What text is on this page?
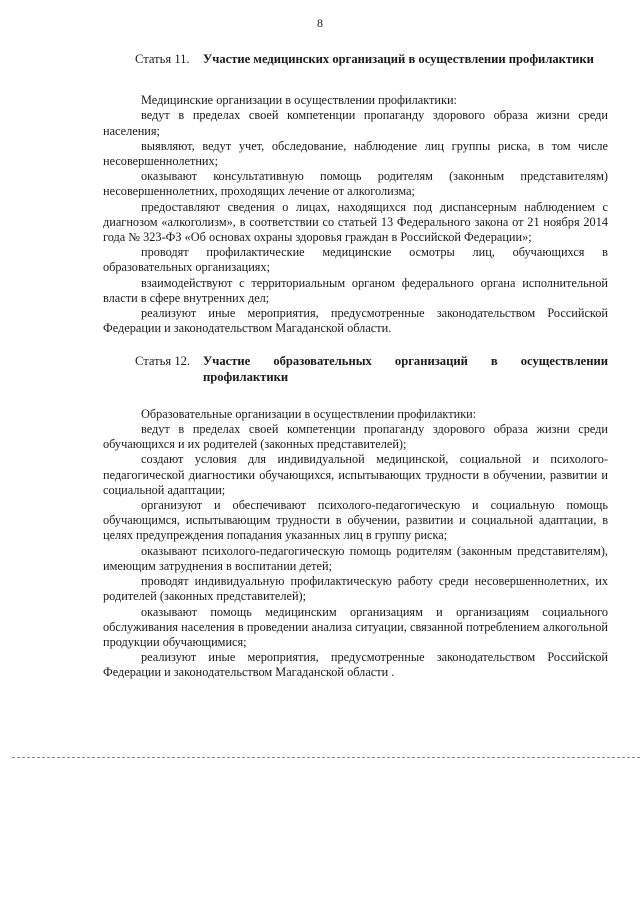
8
Статья 11.	Участие медицинских организаций в осуществлении профилактики

Медицинские организации в осуществлении профилактики:

ведут в пределах своей компетенции пропаганду здорового образа жизни среди населения;

выявляют, ведут учет, обследование, наблюдение лиц группы риска, в том числе несовершеннолетних;

оказывают консультативную помощь родителям (законным представителям) несовершеннолетних, проходящих лечение от алкоголизма;

предоставляют сведения о лицах, находящихся под диспансерным наблюдением с диагнозом «алкоголизм», в соответствии со статьей 13 Федерального закона от 21 ноября 2014 года № 323-ФЗ «Об основах охраны здоровья граждан в Российской Федерации»;

проводят профилактические медицинские осмотры лиц, обучающихся в образовательных организациях;

взаимодействуют с территориальным органом федерального органа исполнительной власти в сфере внутренних дел;

реализуют иные мероприятия, предусмотренные законодательством Российской Федерации и законодательством Магаданской области.

Статья 12.	Участие образовательных организаций в осуществлении профилактики

Образовательные организации в осуществлении профилактики:

ведут в пределах своей компетенции пропаганду здорового образа жизни среди обучающихся и их родителей (законных представителей);

создают условия для индивидуальной медицинской, социальной и психолого-педагогической диагностики обучающихся, испытывающих трудности в обучении, развитии и социальной адаптации;

организуют и обеспечивают психолого-педагогическую и социальную помощь обучающимся, испытывающим трудности в обучении, развитии и социальной адаптации, в целях предупреждения попадания указанных лиц в группу риска;

оказывают психолого-педагогическую помощь родителям (законным представителям), имеющим затруднения в воспитании детей;

проводят индивидуальную профилактическую работу среди несовершеннолетних, их родителей (законных представителей);

оказывают помощь медицинским организациям и организациям социального обслуживания населения в проведении анализа ситуации, связанной потреблением алкогольной продукции обучающимися;

реализуют иные мероприятия, предусмотренные законодательством Российской Федерации и законодательством Магаданской области .
